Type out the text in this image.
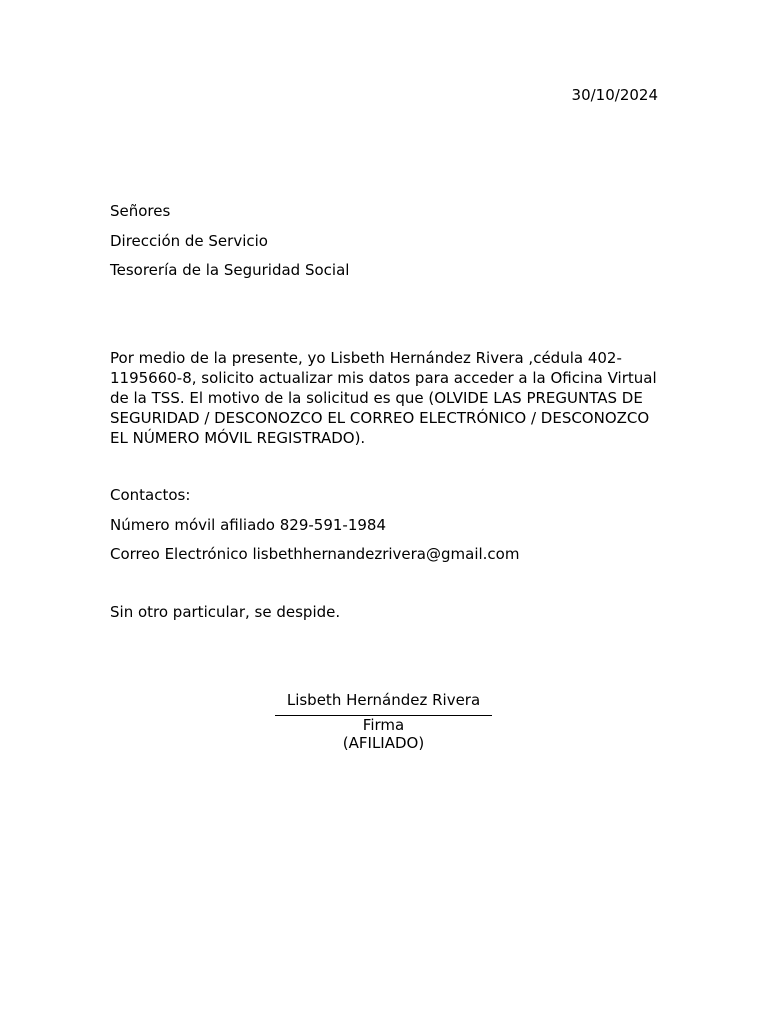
30/10/2024
Señores
Dirección de Servicio
Tesorería de la Seguridad Social

Por medio de la presente, yo Lisbeth Hernández Rivera ,cédula 402-1195660-8, solicito actualizar mis datos para acceder a la Oficina Virtual de la TSS. El motivo de la solicitud es que (OLVIDE LAS PREGUNTAS DE SEGURIDAD / DESCONOZCO EL CORREO ELECTRÓNICO / DESCONOZCO EL NÚMERO MÓVIL REGISTRADO).

Contactos:
Número móvil afiliado 829-591-1984
Correo Electrónico lisbethhernandezrivera@gmail.com
Sin otro particular, se despide.
Lisbeth Hernández Rivera
Firma
(AFILIADO)
